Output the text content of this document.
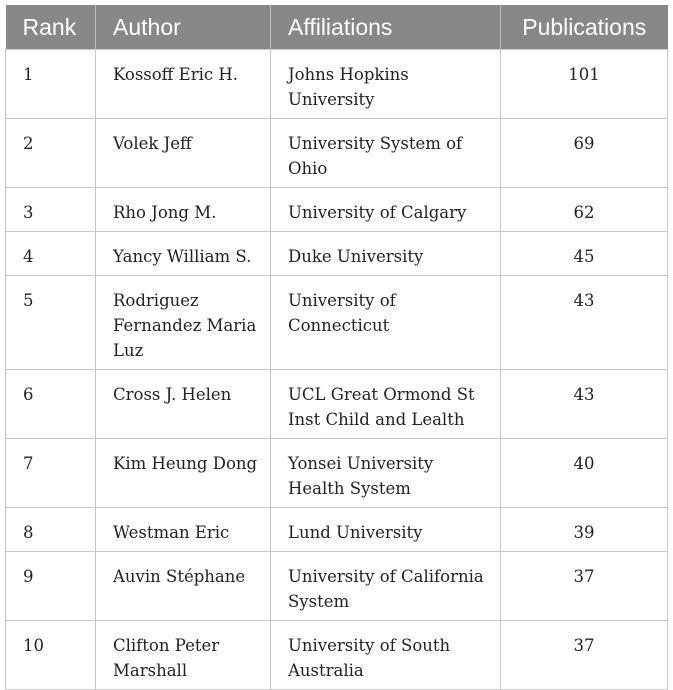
Rank	Author	Affiliations	Publications
1	Kossoff Eric H.	Johns Hopkins University	101
2	Volek Jeff	University System of Ohio	69
3	Rho Jong M.	University of Calgary	62
4	Yancy William S.	Duke University	45
5	Rodriguez Fernandez Maria Luz	University of Connecticut	43
6	Cross J. Helen	UCL Great Ormond St Inst Child and Lealth	43
7	Kim Heung Dong	Yonsei University Health System	40
8	Westman Eric	Lund University	39
9	Auvin Stéphane	University of California System	37
10	Clifton Peter Marshall	University of South Australia	37
